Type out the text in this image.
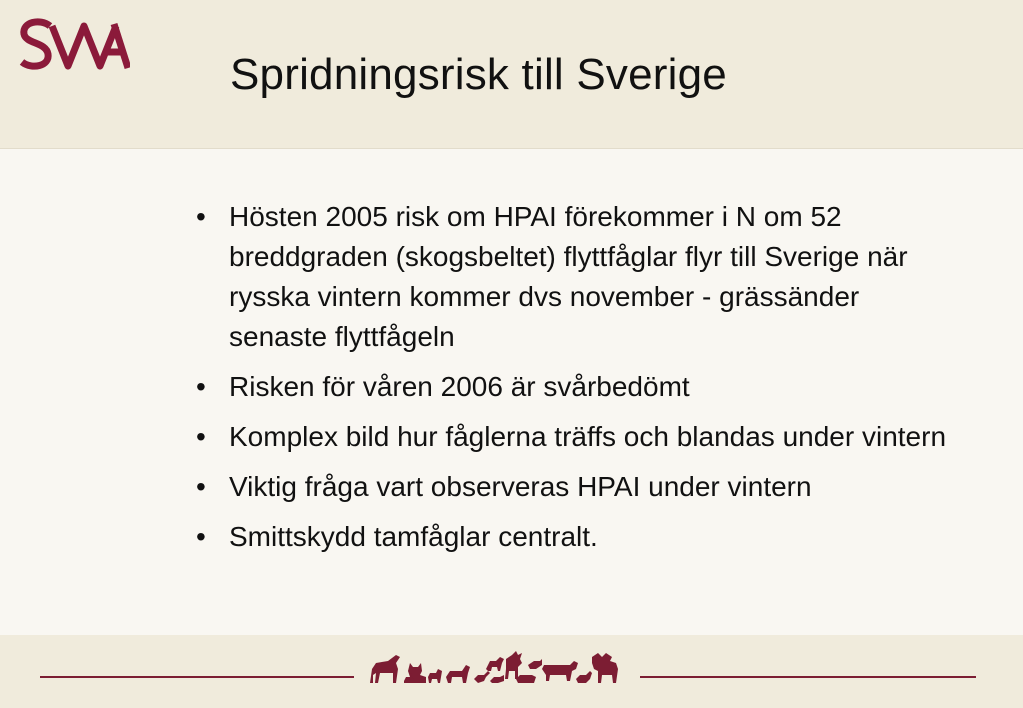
Spridningsrisk till Sverige
• Hösten 2005 risk om HPAI förekommer i N om 52 breddgraden (skogsbeltet) flyttfåglar flyr till Sverige när rysska vintern kommer dvs november - grässänder senaste flyttfågeln
• Risken för våren 2006 är svårbedömt
• Komplex bild hur fåglerna träffs och blandas under vintern
• Viktig fråga vart observeras HPAI under vintern
• Smittskydd tamfåglar centralt.
